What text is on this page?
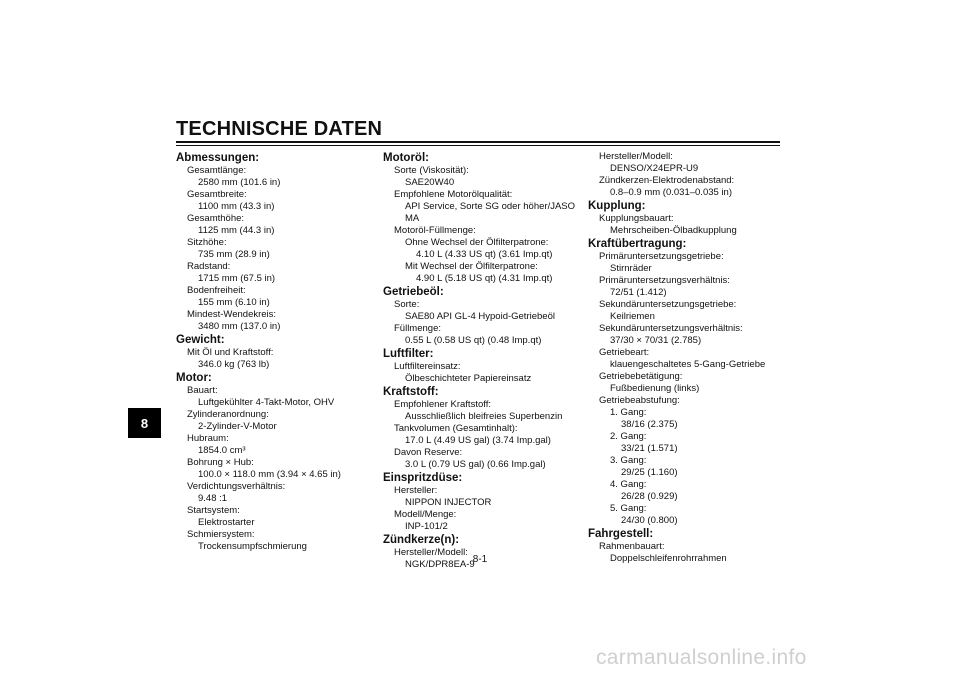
TECHNISCHE DATEN
8
Abmessungen:
Gesamtlänge:
2580 mm (101.6 in)
Gesamtbreite:
1100 mm (43.3 in)
Gesamthöhe:
1125 mm (44.3 in)
Sitzhöhe:
735 mm (28.9 in)
Radstand:
1715 mm (67.5 in)
Bodenfreiheit:
155 mm (6.10 in)
Mindest-Wendekreis:
3480 mm (137.0 in)
Gewicht:
Mit Öl und Kraftstoff:
346.0 kg (763 lb)
Motor:
Bauart:
Luftgekühlter 4-Takt-Motor, OHV
Zylinderanordnung:
2-Zylinder-V-Motor
Hubraum:
1854.0 cm³
Bohrung × Hub:
100.0 × 118.0 mm (3.94 × 4.65 in)
Verdichtungsverhältnis:
9.48 :1
Startsystem:
Elektrostarter
Schmiersystem:
Trockensumpfschmierung
Motoröl:
Sorte (Viskosität):
SAE20W40
Empfohlene Motorölqualität:
API Service, Sorte SG oder höher/JASO
MA
Motoröl-Füllmenge:
Ohne Wechsel der Ölfilterpatrone:
4.10 L (4.33 US qt) (3.61 Imp.qt)
Mit Wechsel der Ölfilterpatrone:
4.90 L (5.18 US qt) (4.31 Imp.qt)
Getriebeöl:
Sorte:
SAE80 API GL-4 Hypoid-Getriebeöl
Füllmenge:
0.55 L (0.58 US qt) (0.48 Imp.qt)
Luftfilter:
Luftfiltereinsatz:
Ölbeschichteter Papiereinsatz
Kraftstoff:
Empfohlener Kraftstoff:
Ausschließlich bleifreies Superbenzin
Tankvolumen (Gesamtinhalt):
17.0 L (4.49 US gal) (3.74 Imp.gal)
Davon Reserve:
3.0 L (0.79 US gal) (0.66 Imp.gal)
Einspritzdüse:
Hersteller:
NIPPON INJECTOR
Modell/Menge:
INP-101/2
Zündkerze(n):
Hersteller/Modell:
NGK/DPR8EA-9
Hersteller/Modell:
DENSO/X24EPR-U9
Zündkerzen-Elektrodenabstand:
0.8–0.9 mm (0.031–0.035 in)
Kupplung:
Kupplungsbauart:
Mehrscheiben-Ölbadkupplung
Kraftübertragung:
Primäruntersetzungsgetriebe:
Stirnräder
Primäruntersetzungsverhältnis:
72/51 (1.412)
Sekundäruntersetzungsgetriebe:
Keilriemen
Sekundäruntersetzungsverhältnis:
37/30 × 70/31 (2.785)
Getriebeart:
klauengeschaltetes 5-Gang-Getriebe
Getriebebetätigung:
Fußbedienung (links)
Getriebeabstufung:
1. Gang:
38/16 (2.375)
2. Gang:
33/21 (1.571)
3. Gang:
29/25 (1.160)
4. Gang:
26/28 (0.929)
5. Gang:
24/30 (0.800)
Fahrgestell:
Rahmenbauart:
Doppelschleifenrohrrahmen
8-1
carmanualsonline.info
